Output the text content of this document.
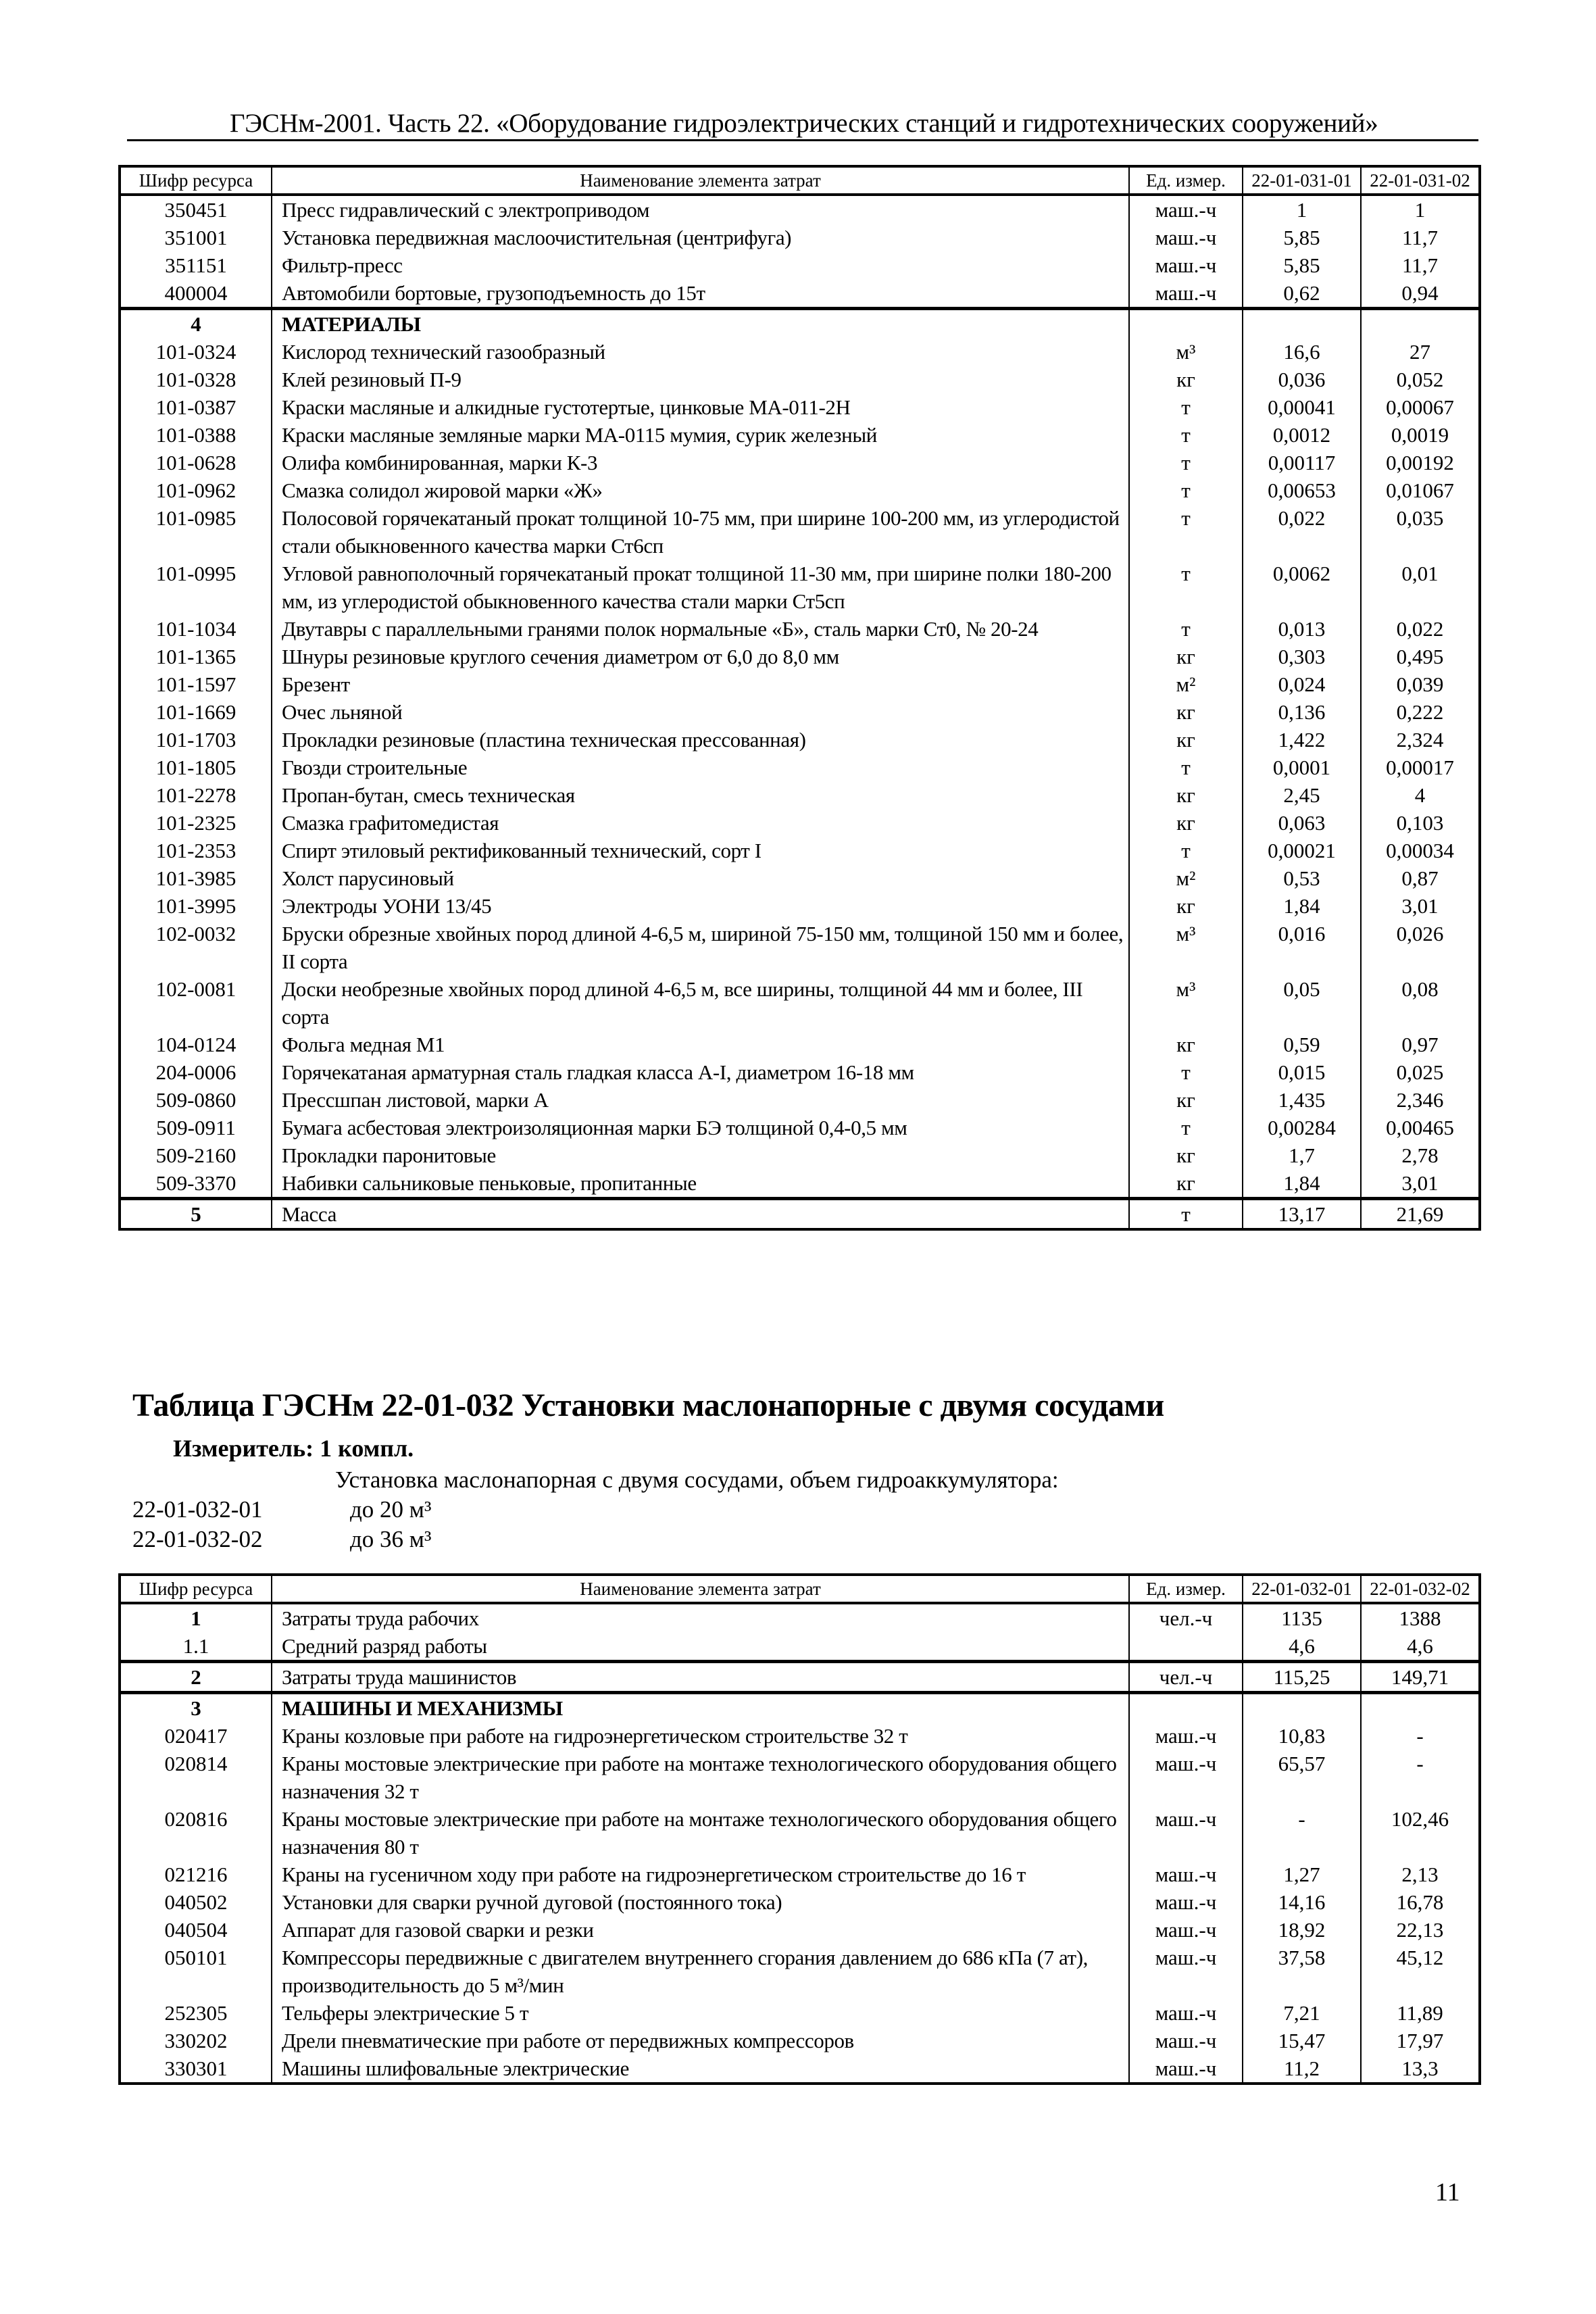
ГЭСНм-2001. Часть 22. «Оборудование гидроэлектрических станций и гидротехнических сооружений»
Шифр ресурса	Наименование элемента затрат	Ед. измер.	22-01-031-01	22-01-031-02
350451	Пресс гидравлический с электроприводом	маш.-ч	1	1
351001	Установка передвижная маслоочистительная (центрифуга)	маш.-ч	5,85	11,7
351151	Фильтр-пресс	маш.-ч	5,85	11,7
400004	Автомобили бортовые, грузоподъемность до 15т	маш.-ч	0,62	0,94
4	МАТЕРИАЛЫ			
101-0324	Кислород технический газообразный	м³	16,6	27
101-0328	Клей резиновый П-9	кг	0,036	0,052
101-0387	Краски масляные и алкидные густотертые, цинковые МА-011-2Н	т	0,00041	0,00067
101-0388	Краски масляные земляные марки МА-0115 мумия, сурик железный	т	0,0012	0,0019
101-0628	Олифа комбинированная, марки К-3	т	0,00117	0,00192
101-0962	Смазка солидол жировой марки «Ж»	т	0,00653	0,01067
101-0985	Полосовой горячекатаный прокат толщиной 10-75 мм, при ширине 100-200 мм, из углеродистой стали обыкновенного качества марки Ст6сп	т	0,022	0,035
101-0995	Угловой равнополочный горячекатаный прокат толщиной 11-30 мм, при ширине полки 180-200 мм, из углеродистой обыкновенного качества стали марки Ст5сп	т	0,0062	0,01
101-1034	Двутавры с параллельными гранями полок нормальные «Б», сталь марки Ст0, № 20-24	т	0,013	0,022
101-1365	Шнуры резиновые круглого сечения диаметром от 6,0 до 8,0 мм	кг	0,303	0,495
101-1597	Брезент	м²	0,024	0,039
101-1669	Очес льняной	кг	0,136	0,222
101-1703	Прокладки резиновые (пластина техническая прессованная)	кг	1,422	2,324
101-1805	Гвозди строительные	т	0,0001	0,00017
101-2278	Пропан-бутан, смесь техническая	кг	2,45	4
101-2325	Смазка графитомедистая	кг	0,063	0,103
101-2353	Спирт этиловый ректификованный технический, сорт I	т	0,00021	0,00034
101-3985	Холст парусиновый	м²	0,53	0,87
101-3995	Электроды УОНИ 13/45	кг	1,84	3,01
102-0032	Бруски обрезные хвойных пород длиной 4-6,5 м, шириной 75-150 мм, толщиной 150 мм и более, II сорта	м³	0,016	0,026
102-0081	Доски необрезные хвойных пород длиной 4-6,5 м, все ширины, толщиной 44 мм и более, III сорта	м³	0,05	0,08
104-0124	Фольга медная М1	кг	0,59	0,97
204-0006	Горячекатаная арматурная сталь гладкая класса А-I, диаметром 16-18 мм	т	0,015	0,025
509-0860	Прессшпан листовой, марки А	кг	1,435	2,346
509-0911	Бумага асбестовая электроизоляционная марки БЭ толщиной 0,4-0,5 мм	т	0,00284	0,00465
509-2160	Прокладки паронитовые	кг	1,7	2,78
509-3370	Набивки сальниковые пеньковые, пропитанные	кг	1,84	3,01
5	Масса	т	13,17	21,69
Таблица ГЭСНм 22-01-032 Установки маслонапорные с двумя сосудами
Измеритель: 1 компл.
Установка маслонапорная с двумя сосудами, объем гидроаккумулятора:
22-01-032-01	до 20 м³
22-01-032-02	до 36 м³
Шифр ресурса	Наименование элемента затрат	Ед. измер.	22-01-032-01	22-01-032-02
1	Затраты труда рабочих	чел.-ч	1135	1388
1.1	Средний разряд работы		4,6	4,6
2	Затраты труда машинистов	чел.-ч	115,25	149,71
3	МАШИНЫ И МЕХАНИЗМЫ			
020417	Краны козловые при работе на гидроэнергетическом строительстве 32 т	маш.-ч	10,83	-
020814	Краны мостовые электрические при работе на монтаже технологического оборудования общего назначения 32 т	маш.-ч	65,57	-
020816	Краны мостовые электрические при работе на монтаже технологического оборудования общего назначения 80 т	маш.-ч	-	102,46
021216	Краны на гусеничном ходу при работе на гидроэнергетическом строительстве до 16 т	маш.-ч	1,27	2,13
040502	Установки для сварки ручной дуговой (постоянного тока)	маш.-ч	14,16	16,78
040504	Аппарат для газовой сварки и резки	маш.-ч	18,92	22,13
050101	Компрессоры передвижные с двигателем внутреннего сгорания давлением до 686 кПа (7 ат), производительность до 5 м³/мин	маш.-ч	37,58	45,12
252305	Тельферы электрические 5 т	маш.-ч	7,21	11,89
330202	Дрели пневматические при работе от передвижных компрессоров	маш.-ч	15,47	17,97
330301	Машины шлифовальные электрические	маш.-ч	11,2	13,3
11
